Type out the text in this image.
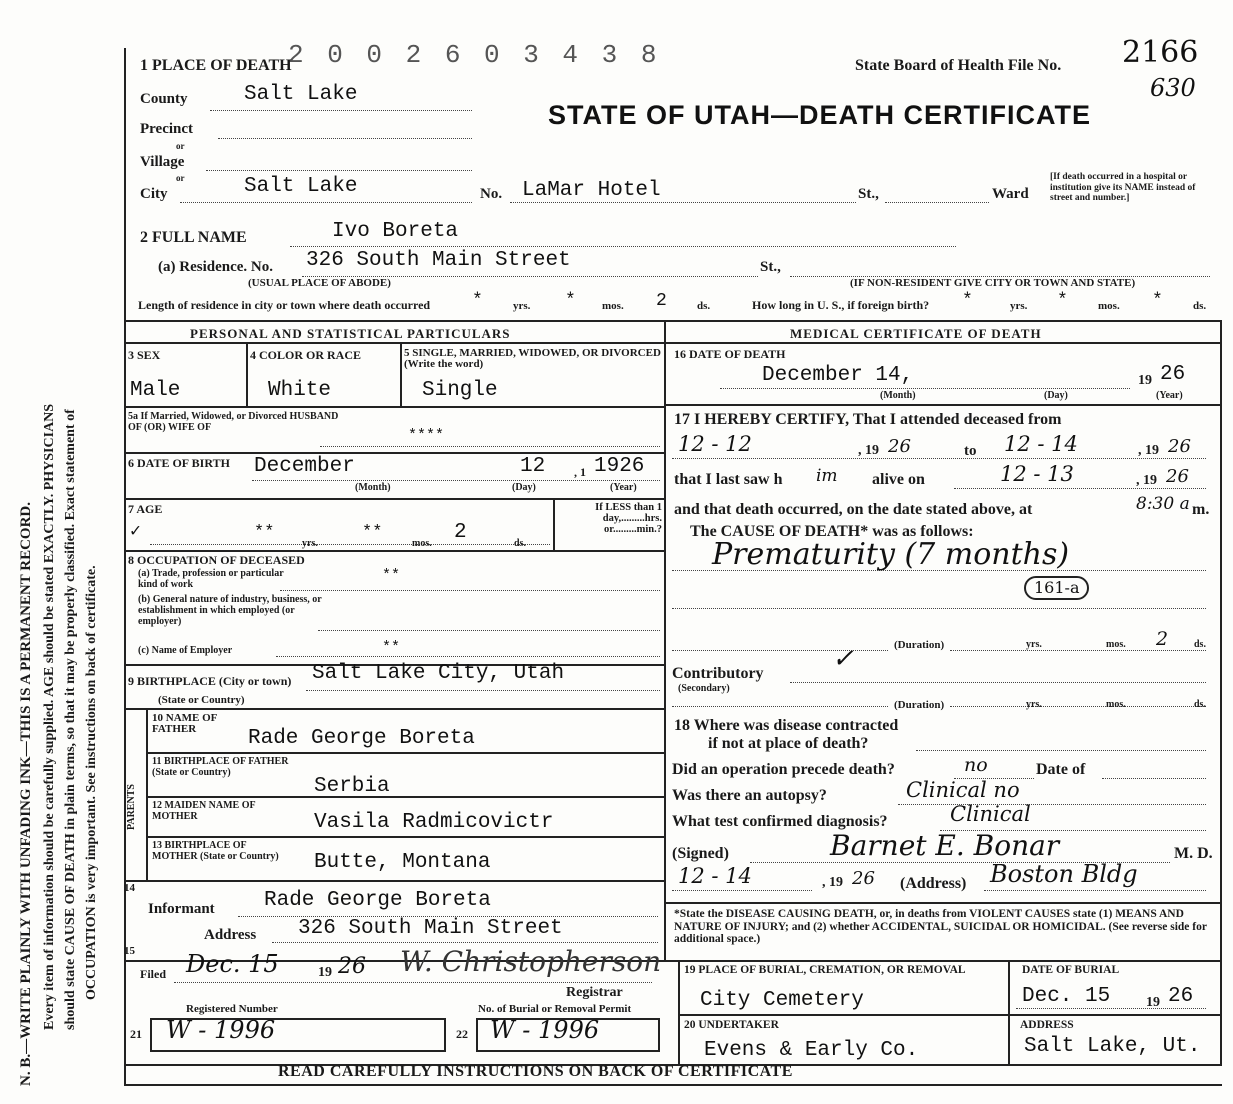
N. B.—WRITE PLAINLY WITH UNFADING INK—THIS IS A PERMANENT RECORD. Every item of information should be carefully supplied. AGE should be stated EXACTLY. PHYSICIANS should state CAUSE OF DEATH in plain terms, so that it may be properly classified. Exact statement of OCCUPATION is very important. See instructions on back of certificate.
2 0 0 2 6 0 3 4 3 8
1 PLACE OF DEATH	State Board of Health File No. 2166
630
STATE OF UTAH—DEATH CERTIFICATE
County	Salt Lake
Precinct
or
Village
or
City	Salt Lake	No. LaMar Hotel	St.,	Ward
[If death occurred in a hospital or institution give its NAME instead of street and number.]
2 FULL NAME	Ivo Boreta
(a) Residence. No. 326 South Main Street	St.,
(USUAL PLACE OF ABODE)	(IF NON-RESIDENT GIVE CITY OR TOWN AND STATE)
Length of residence in city or town where death occurred *	yrs. * mos. 2	ds.	How long in U. S., if foreign birth? *	yrs. *	mos. *	ds.
PERSONAL AND STATISTICAL PARTICULARS	MEDICAL CERTIFICATE OF DEATH
3 SEX
Male
4 COLOR OR RACE
White
5 SINGLE, MARRIED, WIDOWED, OR DIVORCED (Write the word)
Single
5a If Married, Widowed, or Divorced HUSBAND OF (OR) WIFE OF	****
6 DATE OF BIRTH December	12 , 1 1926
(Month)	(Day)	(Year)
7 AGE
✓	**
yrs.
**
mos. 2	ds.
If LESS than 1 day,.........hrs. or.........min.?
8 OCCUPATION OF DECEASED
(a) Trade, profession or particular kind of work
**
(b) General nature of industry, business, or establishment in which employed (or employer)
(c) Name of Employer	**
9 BIRTHPLACE (City or town) Salt Lake City, Utah
(State or Country)
PARENTS
10 NAME OF FATHER	Rade George Boreta
11 BIRTHPLACE OF FATHER (State or Country)
Serbia
12 MAIDEN NAME OF MOTHER	Vasila Radmicovictr
13 BIRTHPLACE OF MOTHER (State or Country)	Butte, Montana
14
Informant Rade George Boreta
Address 326 South Main Street
16 DATE OF DEATH
December 14,	19 26
(Month)	(Day)	(Year)
17 I HEREBY CERTIFY, That I attended deceased from
12 - 12	, 19 26	to 12 - 14	, 19 26
that I last saw h im alive on	12 - 13	, 19 26
and that death occurred, on the date stated above, at	8:30 a m.
The CAUSE OF DEATH* was as follows:
Prematurity (7 months)
161-a
(Duration)	yrs.	mos. 2	ds.
Contributory
(Secondary)
✓
(Duration)	yrs.	mos.	ds.
18 Where was disease contracted
if not at place of death?
Did an operation precede death?	no	Date of
Was there an autopsy?	Clinical no
What test confirmed diagnosis?	Clinical
(Signed)	Barnet E. Bonar	M. D.
12 - 14	, 19 26 (Address) Boston Bldg
*State the DISEASE CAUSING DEATH, or, in deaths from VIOLENT CAUSES state (1) MEANS AND NATURE OF INJURY; and (2) whether ACCIDENTAL, SUICIDAL OR HOMICIDAL. (See reverse side for additional space.)
15
Filed Dec. 15	19 26 W. Christopherson
Registrar
Registered Number
21 W - 1996
No. of Burial or Removal Permit
22 W - 1996
19 PLACE OF BURIAL, CREMATION, OR REMOVAL
City Cemetery
DATE OF BURIAL
Dec. 15	19 26
20 UNDERTAKER
Evens & Early Co.
ADDRESS
Salt Lake, Ut.
READ CAREFULLY INSTRUCTIONS ON BACK OF CERTIFICATE
